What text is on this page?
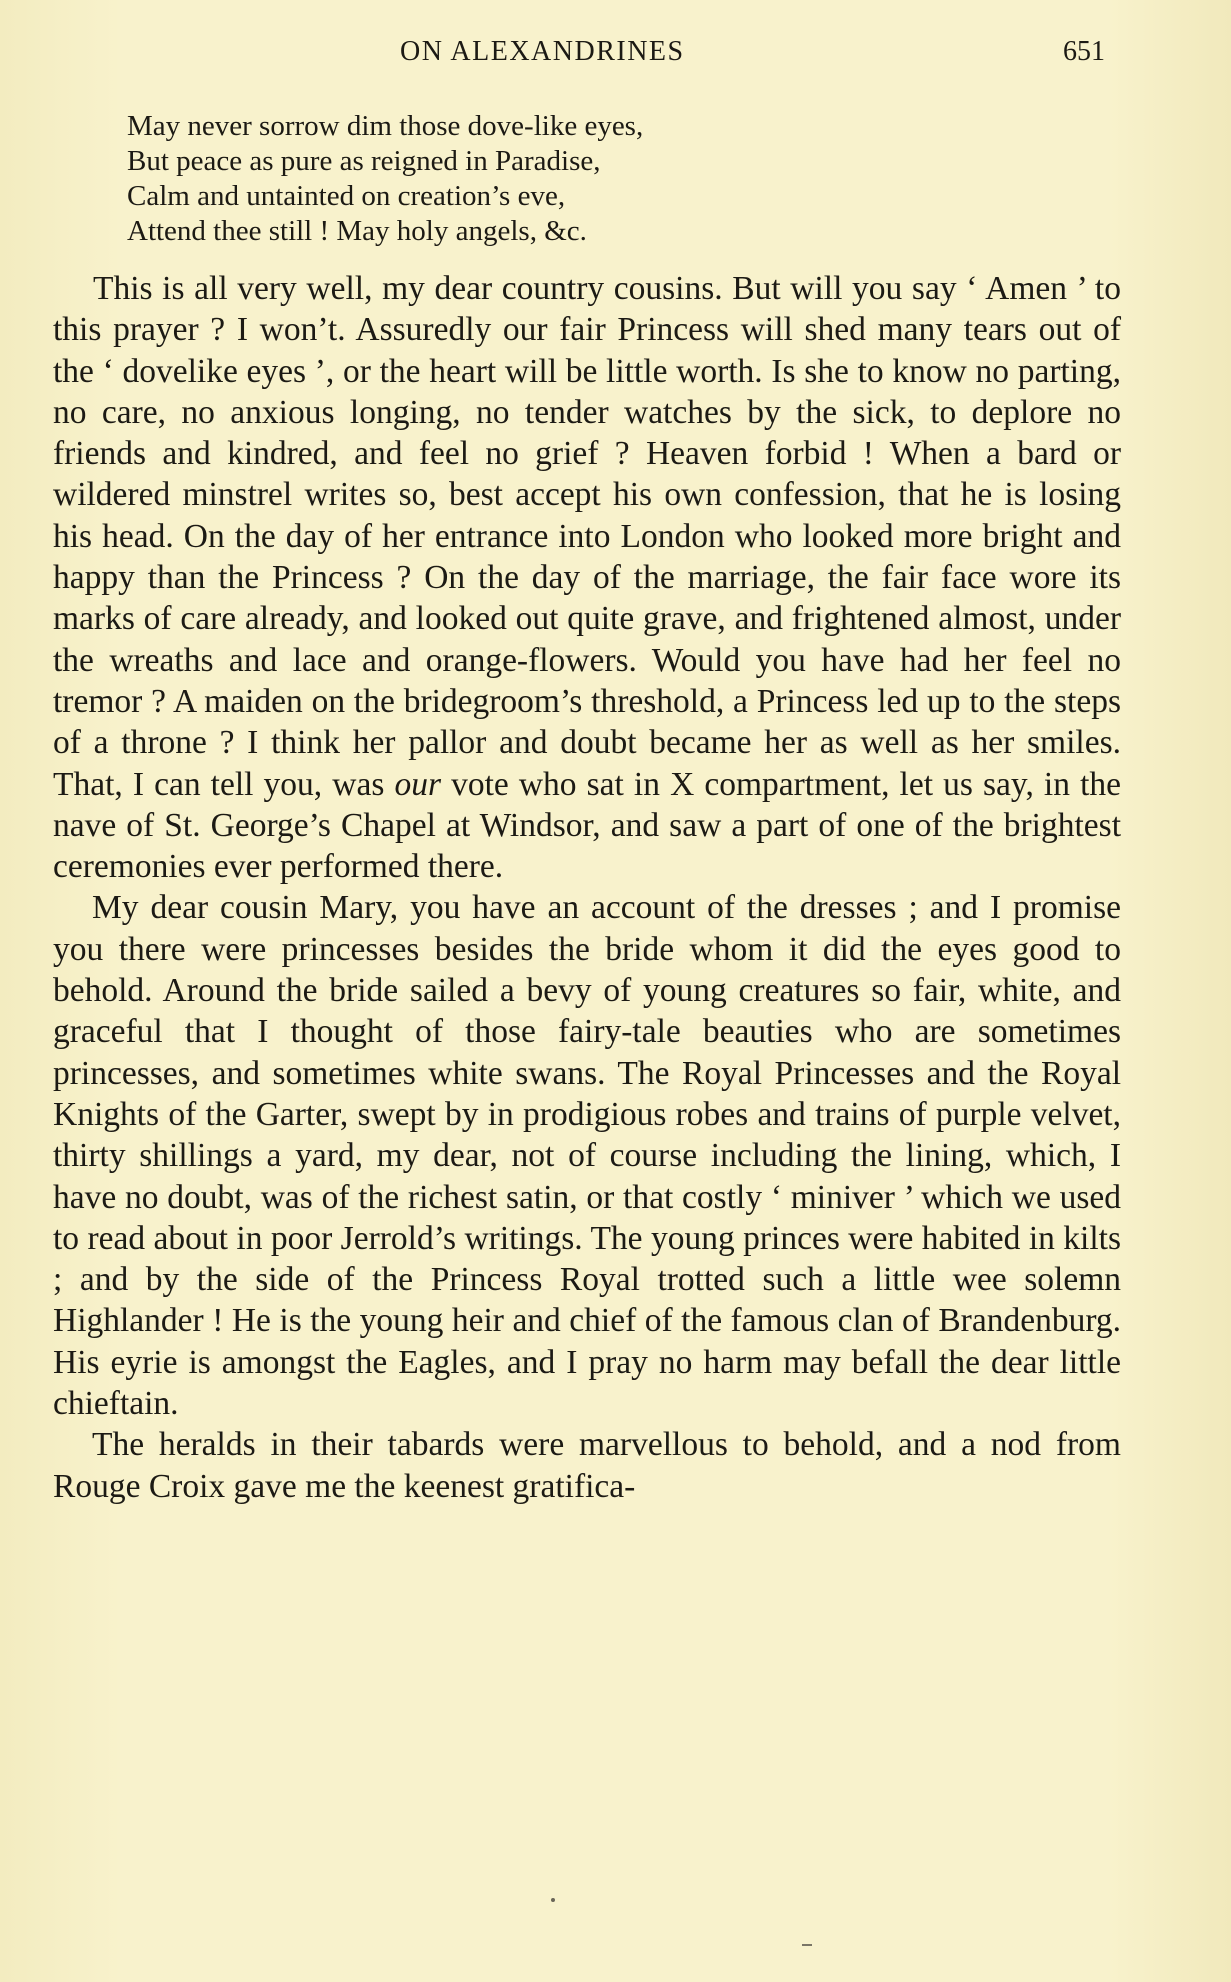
ON ALEXANDRINES	651
May never sorrow dim those dove-like eyes,
But peace as pure as reigned in Paradise,
Calm and untainted on creation’s eve,
Attend thee still ! May holy angels, &c.

This is all very well, my dear country cousins. But will you say ‘ Amen ’ to this prayer ? I won’t. Assuredly our fair Princess will shed many tears out of the ‘ dovelike eyes ’, or the heart will be little worth. Is she to know no parting, no care, no anxious longing, no tender watches by the sick, to deplore no friends and kindred, and feel no grief ? Heaven forbid ! When a bard or wildered minstrel writes so, best accept his own confession, that he is losing his head. On the day of her entrance into London who looked more bright and happy than the Princess ? On the day of the marriage, the fair face wore its marks of care already, and looked out quite grave, and frightened almost, under the wreaths and lace and orange-flowers. Would you have had her feel no tremor ? A maiden on the bridegroom’s threshold, a Princess led up to the steps of a throne ? I think her pallor and doubt became her as well as her smiles. That, I can tell you, was our vote who sat in X compartment, let us say, in the nave of St. George’s Chapel at Windsor, and saw a part of one of the brightest ceremonies ever performed there.

My dear cousin Mary, you have an account of the dresses ; and I promise you there were princesses besides the bride whom it did the eyes good to behold. Around the bride sailed a bevy of young creatures so fair, white, and graceful that I thought of those fairy-tale beauties who are sometimes princesses, and sometimes white swans. The Royal Princesses and the Royal Knights of the Garter, swept by in prodigious robes and trains of purple velvet, thirty shillings a yard, my dear, not of course including the lining, which, I have no doubt, was of the richest satin, or that costly ‘ miniver ’ which we used to read about in poor Jerrold’s writings. The young princes were habited in kilts ; and by the side of the Princess Royal trotted such a little wee solemn Highlander ! He is the young heir and chief of the famous clan of Brandenburg. His eyrie is amongst the Eagles, and I pray no harm may befall the dear little chieftain.

The heralds in their tabards were marvellous to behold, and a nod from Rouge Croix gave me the keenest gratifica-
